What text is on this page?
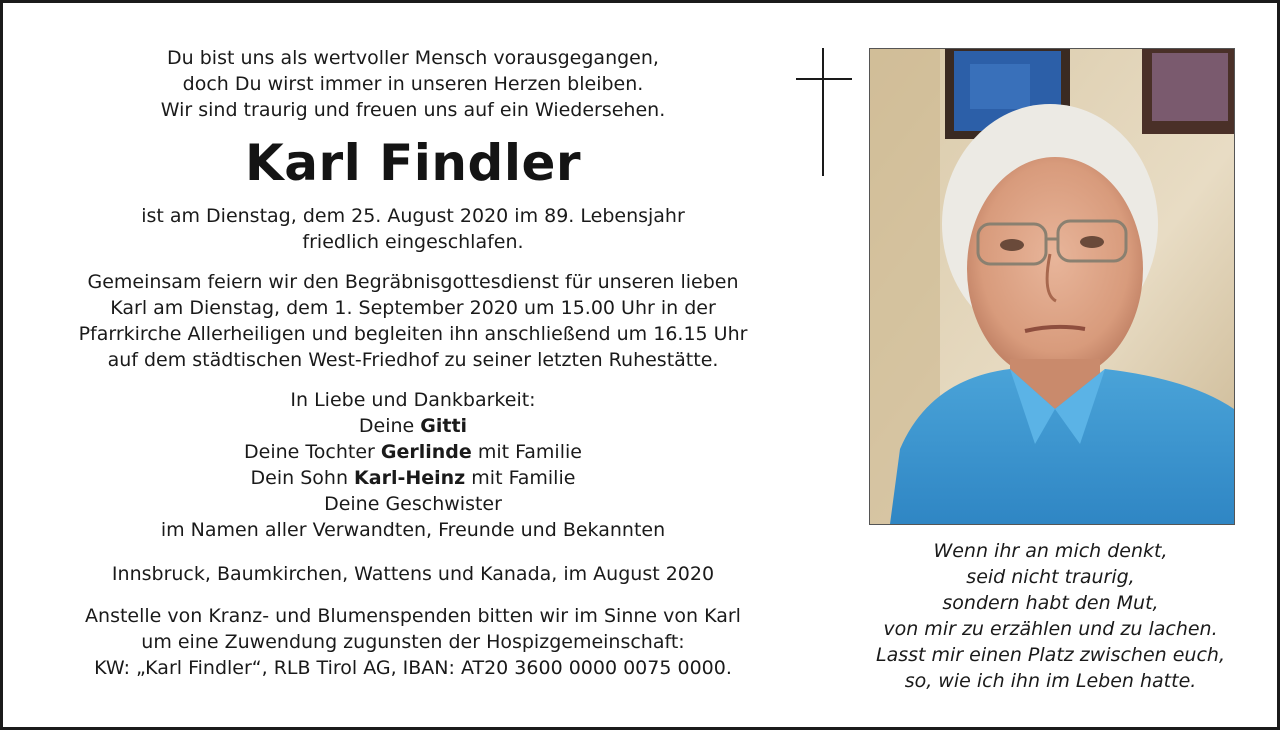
Du bist uns als wertvoller Mensch vorausgegangen,

doch Du wirst immer in unseren Herzen bleiben.

Wir sind traurig und freuen uns auf ein Wiedersehen.

Karl Findler

ist am Dienstag, dem 25. August 2020 im 89. Lebensjahr

friedlich eingeschlafen.

Gemeinsam feiern wir den Begräbnisgottesdienst für unseren lieben

Karl am Dienstag, dem 1. September 2020 um 15.00 Uhr in der

Pfarrkirche Allerheiligen und begleiten ihn anschließend um 16.15 Uhr

auf dem städtischen West-Friedhof zu seiner letzten Ruhestätte.

In Liebe und Dankbarkeit:

Deine Gitti

Deine Tochter Gerlinde mit Familie

Dein Sohn Karl-Heinz mit Familie

Deine Geschwister

im Namen aller Verwandten, Freunde und Bekannten

Innsbruck, Baumkirchen, Wattens und Kanada, im August 2020

Anstelle von Kranz- und Blumenspenden bitten wir im Sinne von Karl

um eine Zuwendung zugunsten der Hospizgemeinschaft:

KW: „Karl Findler“, RLB Tirol AG, IBAN: AT20 3600 0000 0075 0000.

Wenn ihr an mich denkt,

seid nicht traurig,

sondern habt den Mut,

von mir zu erzählen und zu lachen.

Lasst mir einen Platz zwischen euch,

so, wie ich ihn im Leben hatte.
